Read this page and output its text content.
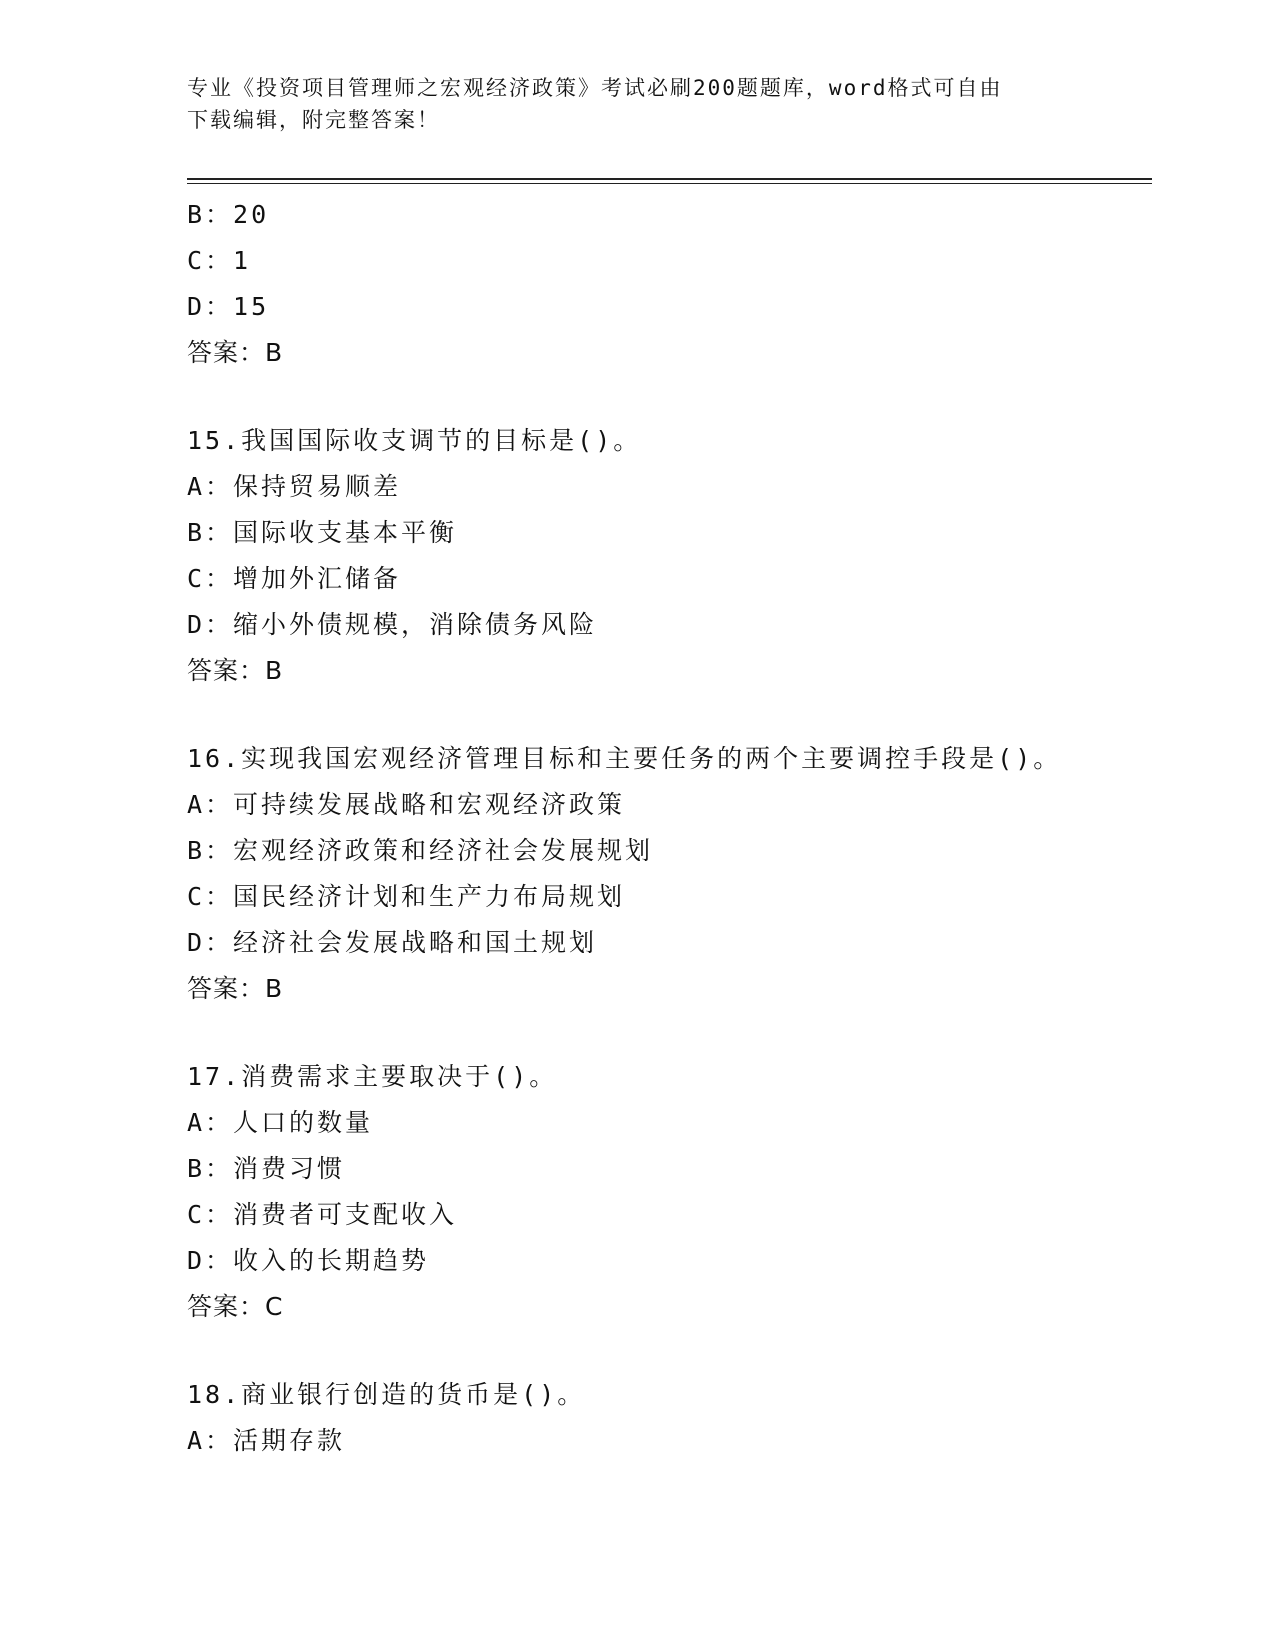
专业《投资项目管理师之宏观经济政策》考试必刷200题题库，word格式可自由
下载编辑，附完整答案！
B：20
C：1
D：15
答案：B
15.我国国际收支调节的目标是()。
A：保持贸易顺差
B：国际收支基本平衡
C：增加外汇储备
D：缩小外债规模，消除债务风险
答案：B
16.实现我国宏观经济管理目标和主要任务的两个主要调控手段是()。
A：可持续发展战略和宏观经济政策
B：宏观经济政策和经济社会发展规划
C：国民经济计划和生产力布局规划
D：经济社会发展战略和国土规划
答案：B
17.消费需求主要取决于()。
A：人口的数量
B：消费习惯
C：消费者可支配收入
D：收入的长期趋势
答案：C
18.商业银行创造的货币是()。
A：活期存款
